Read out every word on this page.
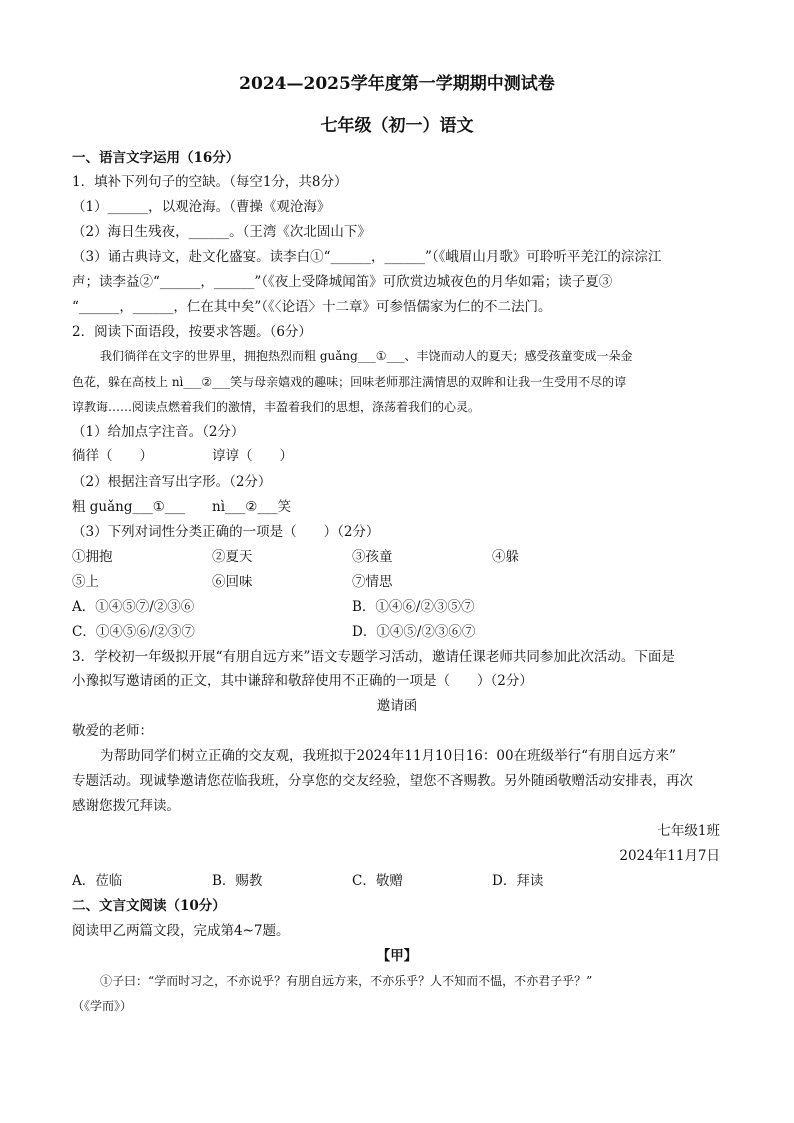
2024—2025学年度第一学期期中测试卷
七年级（初一）语文
一、语言文字运用（16分）
1．填补下列句子的空缺。（每空1分，共8分）
（1）______，以观沧海。（曹操《观沧海》
（2）海日生残夜，______。（王湾《次北固山下》
（3）诵古典诗文，赴文化盛宴。读李白①“______，______”（《峨眉山月歌》可聆听平羌江的淙淙江
声；读李益②“______，______”（《夜上受降城闻笛》可欣赏边城夜色的月华如霜；读子夏③
“______，______，仁在其中矣”（《〈论语〉十二章》可参悟儒家为仁的不二法门。
2．阅读下面语段，按要求答题。（6分）
我们徜徉在文字的世界里，拥抱热烈而粗 guǎng___①___、丰饶而动人的夏天；感受孩童变成一朵金
色花，躲在高枝上 nì___②___笑与母亲嬉戏的趣味；回味老师那注满情思的双眸和让我一生受用不尽的谆
谆教诲……阅读点燃着我们的激情，丰盈着我们的思想，涤荡着我们的心灵。
（1）给加点字注音。（2分）
徜徉（　　）	谆谆（　　）
（2）根据注音写出字形。（2分）
粗 guǎng___①___ nì___②___笑
（3）下列对词性分类正确的一项是（　　）（2分）
①拥抱	②夏天	③孩童	④躲
⑤上	⑥回味	⑦情思
A．①④⑤⑦/②③⑥	B．①④⑥/②③⑤⑦
C．①④⑤⑥/②③⑦	D．①④⑤/②③⑥⑦
3．学校初一年级拟开展“有朋自远方来”语文专题学习活动，邀请任课老师共同参加此次活动。下面是
小豫拟写邀请函的正文，其中谦辞和敬辞使用不正确的一项是（　　）（2分）
邀请函
敬爱的老师：
为帮助同学们树立正确的交友观，我班拟于2024年11月10日16：00在班级举行“有朋自远方来”
专题活动。现诚挚邀请您莅临我班，分享您的交友经验，望您不吝赐教。另外随函敬赠活动安排表，再次
感谢您拨冗拜读。
七年级1班
2024年11月7日
A．莅临	B．赐教	C．敬赠	D．拜读
二、文言文阅读（10分）
阅读甲乙两篇文段，完成第4~7题。
【甲】
①子曰：“学而时习之，不亦说乎？有朋自远方来，不亦乐乎？人不知而不愠，不亦君子乎？”
（《学而》）
